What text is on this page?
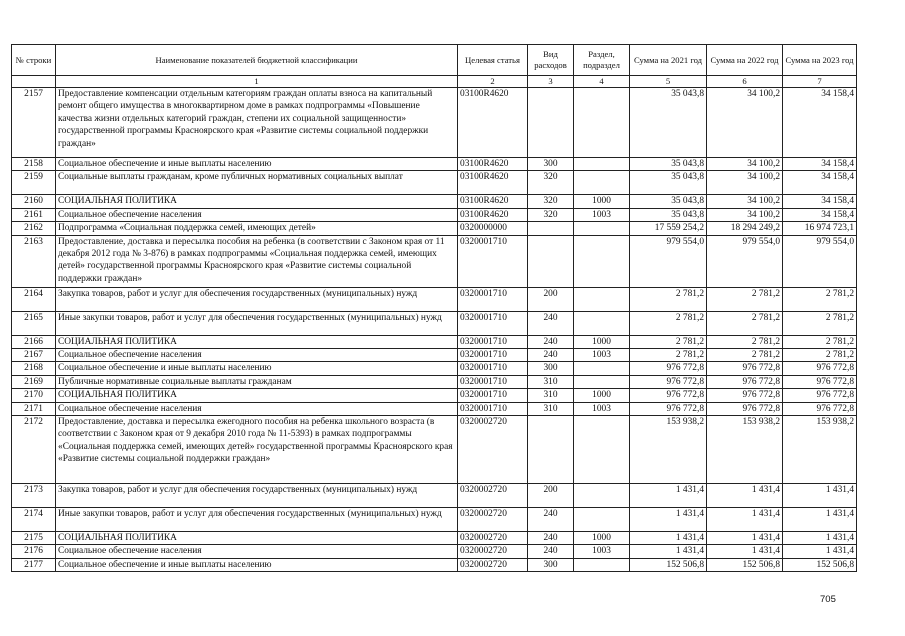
№ строки	Наименование показателей бюджетной классификации	Целевая статья	Вид расходов	Раздел, подраздел	Сумма на 2021 год	Сумма на 2022 год	Сумма на 2023 год
	1	2	3	4	5	6	7
2157	Предоставление компенсации отдельным категориям граждан оплаты взноса на капитальный ремонт общего имущества в многоквартирном доме в рамках подпрограммы «Повышение качества жизни отдельных категорий граждан, степени их социальной защищенности» государственной программы Красноярского края «Развитие системы социальной поддержки граждан»	03100R4620			35 043,8	34 100,2	34 158,4
2158	Социальное обеспечение и иные выплаты населению	03100R4620	300		35 043,8	34 100,2	34 158,4
2159	Социальные выплаты гражданам, кроме публичных нормативных социальных выплат	03100R4620	320		35 043,8	34 100,2	34 158,4
2160	СОЦИАЛЬНАЯ ПОЛИТИКА	03100R4620	320	1000	35 043,8	34 100,2	34 158,4
2161	Социальное обеспечение населения	03100R4620	320	1003	35 043,8	34 100,2	34 158,4
2162	Подпрограмма «Социальная поддержка семей, имеющих детей»	0320000000			17 559 254,2	18 294 249,2	16 974 723,1
2163	Предоставление, доставка и пересылка пособия на ребенка (в соответствии с Законом края от 11 декабря 2012 года № 3-876) в рамках подпрограммы «Социальная поддержка семей, имеющих детей» государственной программы Красноярского края «Развитие системы социальной поддержки граждан»	0320001710			979 554,0	979 554,0	979 554,0
2164	Закупка товаров, работ и услуг для обеспечения государственных (муниципальных) нужд	0320001710	200		2 781,2	2 781,2	2 781,2
2165	Иные закупки товаров, работ и услуг для обеспечения государственных (муниципальных) нужд	0320001710	240		2 781,2	2 781,2	2 781,2
2166	СОЦИАЛЬНАЯ ПОЛИТИКА	0320001710	240	1000	2 781,2	2 781,2	2 781,2
2167	Социальное обеспечение населения	0320001710	240	1003	2 781,2	2 781,2	2 781,2
2168	Социальное обеспечение и иные выплаты населению	0320001710	300		976 772,8	976 772,8	976 772,8
2169	Публичные нормативные социальные выплаты гражданам	0320001710	310		976 772,8	976 772,8	976 772,8
2170	СОЦИАЛЬНАЯ ПОЛИТИКА	0320001710	310	1000	976 772,8	976 772,8	976 772,8
2171	Социальное обеспечение населения	0320001710	310	1003	976 772,8	976 772,8	976 772,8
2172	Предоставление, доставка и пересылка ежегодного пособия на ребенка школьного возраста (в соответствии с Законом края от 9 декабря 2010 года № 11-5393) в рамках подпрограммы «Социальная поддержка семей, имеющих детей» государственной программы Красноярского края «Развитие системы социальной поддержки граждан»	0320002720			153 938,2	153 938,2	153 938,2
2173	Закупка товаров, работ и услуг для обеспечения государственных (муниципальных) нужд	0320002720	200		1 431,4	1 431,4	1 431,4
2174	Иные закупки товаров, работ и услуг для обеспечения государственных (муниципальных) нужд	0320002720	240		1 431,4	1 431,4	1 431,4
2175	СОЦИАЛЬНАЯ ПОЛИТИКА	0320002720	240	1000	1 431,4	1 431,4	1 431,4
2176	Социальное обеспечение населения	0320002720	240	1003	1 431,4	1 431,4	1 431,4
2177	Социальное обеспечение и иные выплаты населению	0320002720	300		152 506,8	152 506,8	152 506,8
705
